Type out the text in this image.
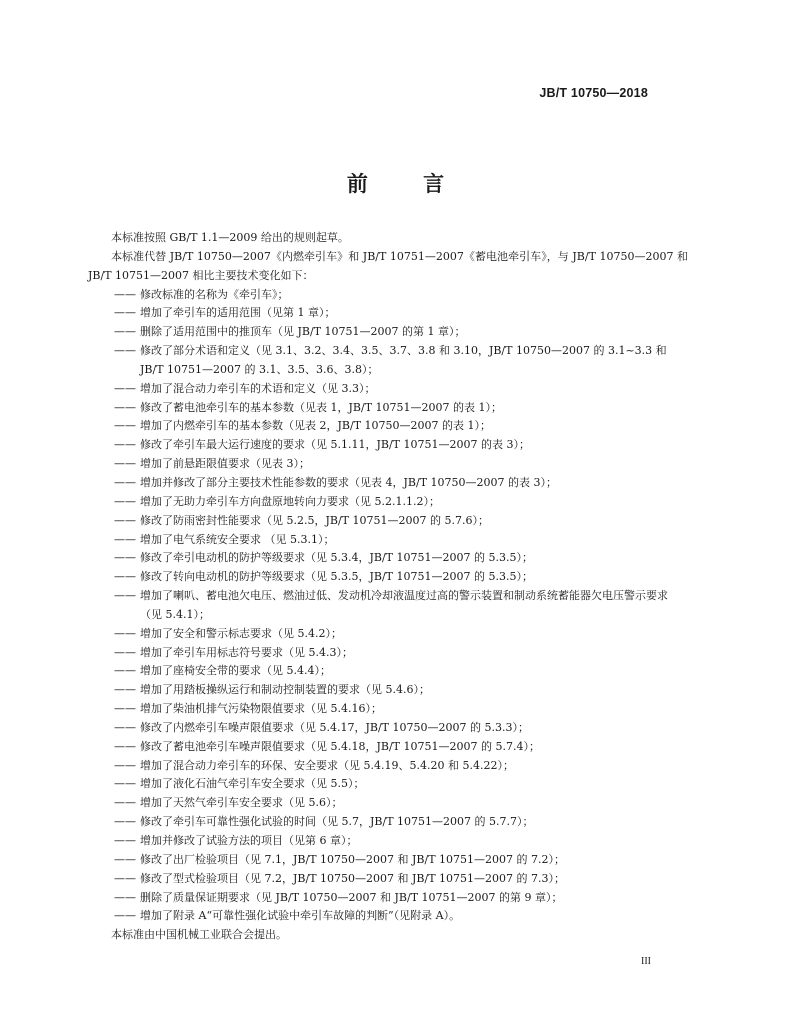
JB/T 10750—2018
前 言
本标准按照 GB/T 1.1—2009 给出的规则起草。
本标准代替 JB/T 10750—2007《内燃牵引车》和 JB/T 10751—2007《蓄电池牵引车》，与 JB/T 10750—2007 和 JB/T 10751—2007 相比主要技术变化如下：
—— 修改标准的名称为《牵引车》；
—— 增加了牵引车的适用范围（见第 1 章）；
—— 删除了适用范围中的推顶车（见 JB/T 10751—2007 的第 1 章）；
—— 修改了部分术语和定义（见 3.1、3.2、3.4、3.5、3.7、3.8 和 3.10，JB/T 10750—2007 的 3.1~3.3 和 JB/T 10751—2007 的 3.1、3.5、3.6、3.8）；
—— 增加了混合动力牵引车的术语和定义（见 3.3）；
—— 修改了蓄电池牵引车的基本参数（见表 1，JB/T 10751—2007 的表 1）；
—— 增加了内燃牵引车的基本参数（见表 2，JB/T 10750—2007 的表 1）；
—— 修改了牵引车最大运行速度的要求（见 5.1.11，JB/T 10751—2007 的表 3）；
—— 增加了前悬距限值要求（见表 3）；
—— 增加并修改了部分主要技术性能参数的要求（见表 4，JB/T 10750—2007 的表 3）；
—— 增加了无助力牵引车方向盘原地转向力要求（见 5.2.1.1.2）；
—— 修改了防雨密封性能要求（见 5.2.5，JB/T 10751—2007 的 5.7.6）；
—— 增加了电气系统安全要求 （见 5.3.1）；
—— 修改了牵引电动机的防护等级要求（见 5.3.4，JB/T 10751—2007 的 5.3.5）；
—— 修改了转向电动机的防护等级要求（见 5.3.5，JB/T 10751—2007 的 5.3.5）；
—— 增加了喇叭、蓄电池欠电压、燃油过低、发动机冷却液温度过高的警示装置和制动系统蓄能器欠电压警示要求（见 5.4.1）；
—— 增加了安全和警示标志要求（见 5.4.2）；
—— 增加了牵引车用标志符号要求（见 5.4.3）；
—— 增加了座椅安全带的要求（见 5.4.4）；
—— 增加了用踏板操纵运行和制动控制装置的要求（见 5.4.6）；
—— 增加了柴油机排气污染物限值要求（见 5.4.16）；
—— 修改了内燃牵引车噪声限值要求（见 5.4.17，JB/T 10750—2007 的 5.3.3）；
—— 修改了蓄电池牵引车噪声限值要求（见 5.4.18，JB/T 10751—2007 的 5.7.4）；
—— 增加了混合动力牵引车的环保、安全要求（见 5.4.19、5.4.20 和 5.4.22）；
—— 增加了液化石油气牵引车安全要求（见 5.5）；
—— 增加了天然气牵引车安全要求（见 5.6）；
—— 修改了牵引车可靠性强化试验的时间（见 5.7，JB/T 10751—2007 的 5.7.7）；
—— 增加并修改了试验方法的项目（见第 6 章）；
—— 修改了出厂检验项目（见 7.1，JB/T 10750—2007 和 JB/T 10751—2007 的 7.2）；
—— 修改了型式检验项目（见 7.2，JB/T 10750—2007 和 JB/T 10751—2007 的 7.3）；
—— 删除了质量保证期要求（见 JB/T 10750—2007 和 JB/T 10751—2007 的第 9 章）；
—— 增加了附录 A“可靠性强化试验中牵引车故障的判断”（见附录 A）。
本标准由中国机械工业联合会提出。
III
